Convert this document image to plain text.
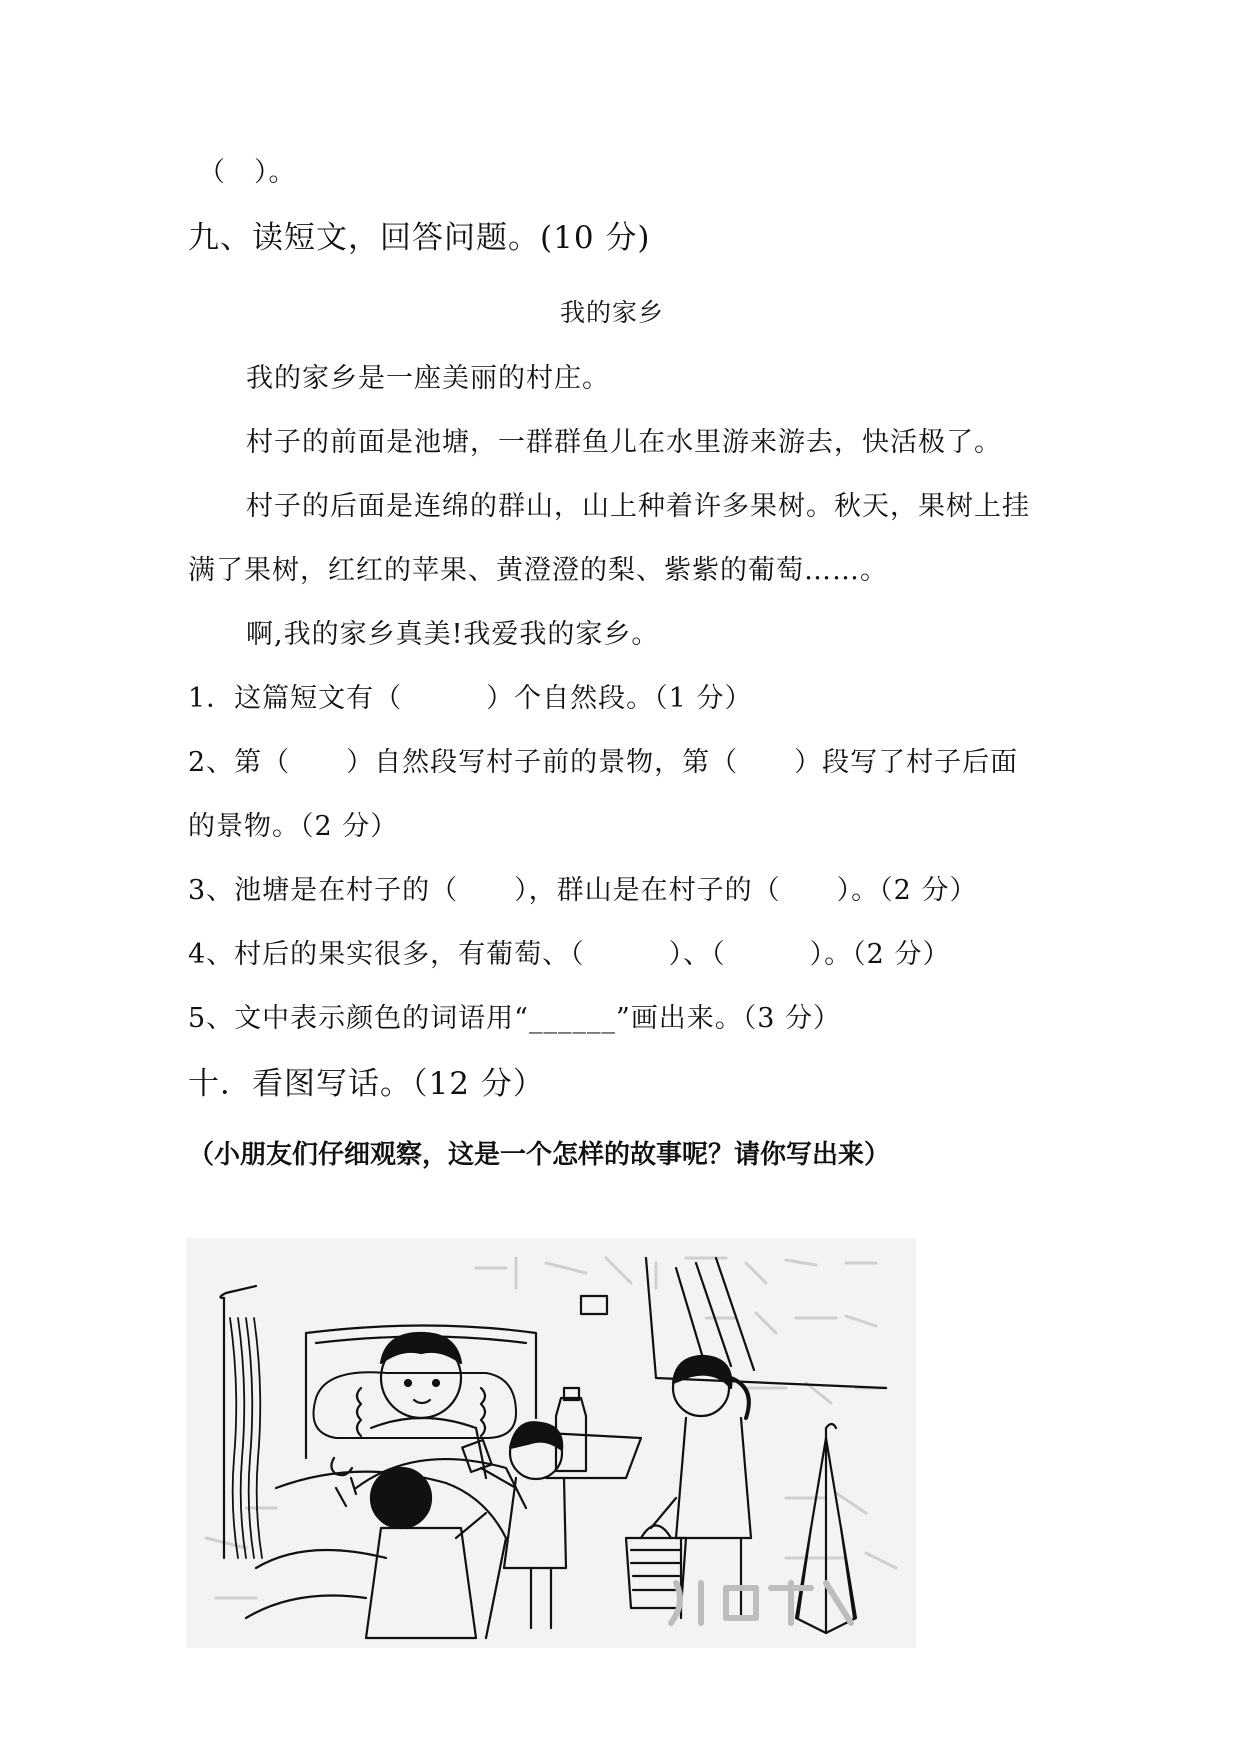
（　）。
九、读短文，回答问题。(10 分)
我的家乡
我的家乡是一座美丽的村庄。
村子的前面是池塘，一群群鱼儿在水里游来游去，快活极了。
村子的后面是连绵的群山，山上种着许多果树。秋天，果树上挂
满了果树，红红的苹果、黄澄澄的梨、紫紫的葡萄……。
啊,我的家乡真美!我爱我的家乡。
1．这篇短文有（　　　）个自然段。（1 分）
2、第（　　）自然段写村子前的景物，第（　　）段写了村子后面
的景物。（2 分）
3、池塘是在村子的（　　），群山是在村子的（　　）。（2 分）
4、村后的果实很多，有葡萄、（　　　）、（　　　）。（2 分）
5、文中表示颜色的词语用“______”画出来。（3 分）
十．看图写话。（12 分）
（小朋友们仔细观察，这是一个怎样的故事呢？请你写出来）
